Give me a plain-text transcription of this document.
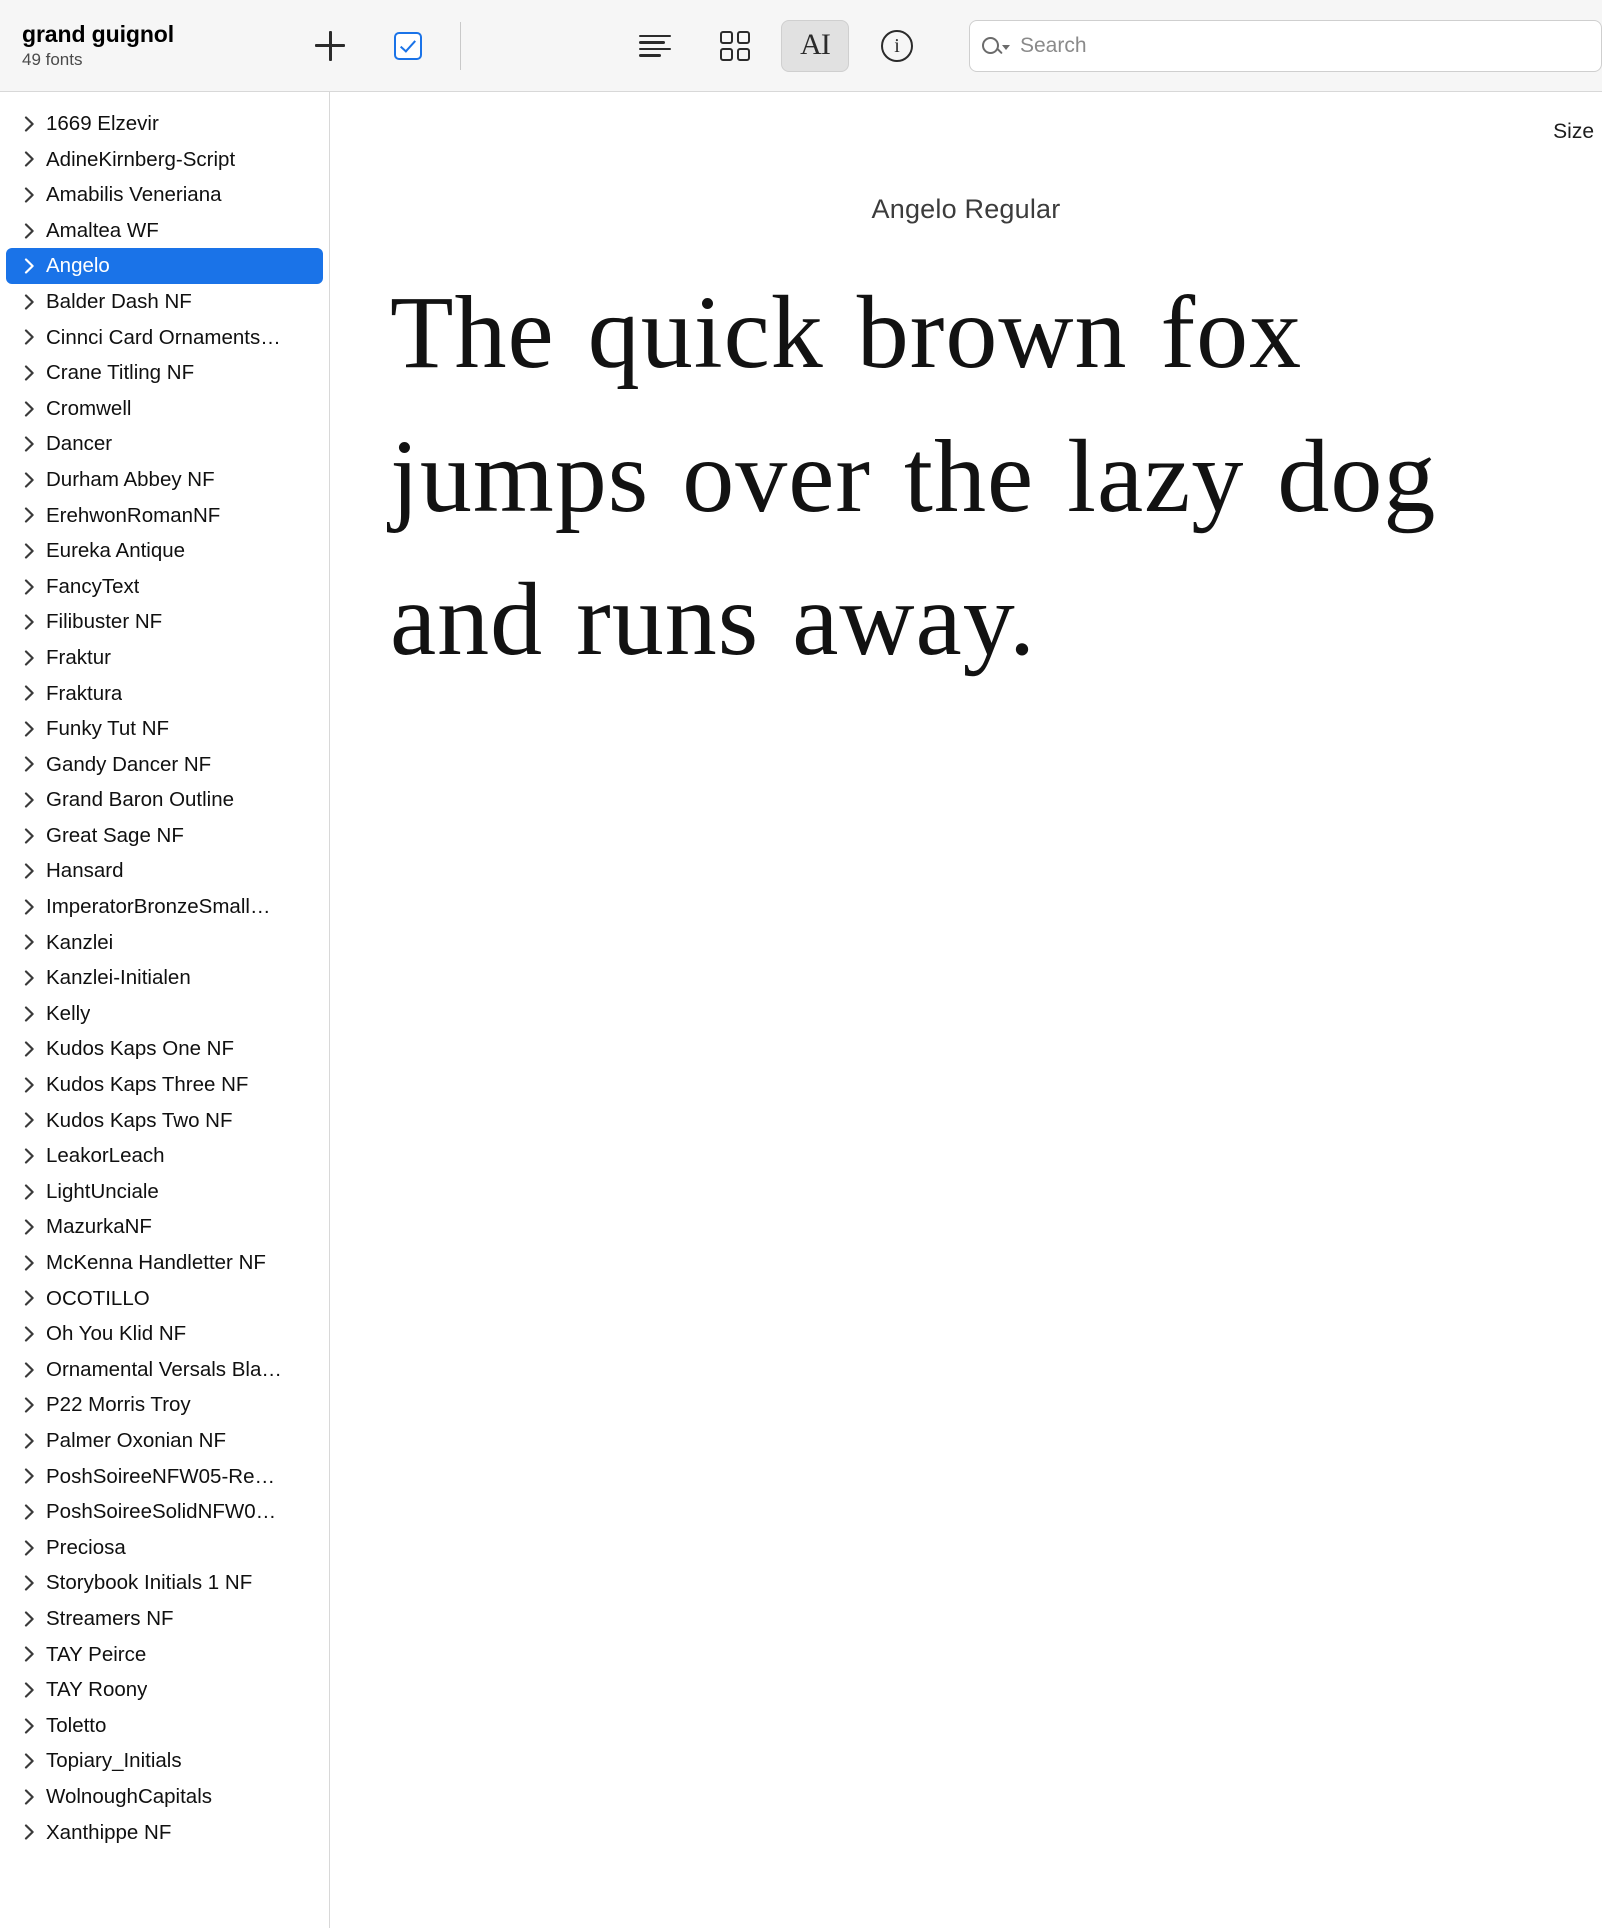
grand guignol
49 fonts	AI	i
Search
1669 Elzevir
AdineKirnberg-Script
Amabilis Veneriana
Amaltea WF
Angelo
Balder Dash NF
Cinnci Card Ornaments…
Crane Titling NF
Cromwell
Dancer
Durham Abbey NF
ErehwonRomanNF
Eureka Antique
FancyText
Filibuster NF
Fraktur
Fraktura
Funky Tut NF
Gandy Dancer NF
Grand Baron Outline
Great Sage NF
Hansard
ImperatorBronzeSmall…
Kanzlei
Kanzlei-Initialen
Kelly
Kudos Kaps One NF
Kudos Kaps Three NF
Kudos Kaps Two NF
LeakorLeach
LightUnciale
MazurkaNF
McKenna Handletter NF
OCOTILLO
Oh You Klid NF
Ornamental Versals Bla…
P22 Morris Troy
Palmer Oxonian NF
PoshSoireeNFW05-Re…
PoshSoireeSolidNFW0…
Preciosa
Storybook Initials 1 NF
Streamers NF
TAY Peirce
TAY Roony
Toletto
Topiary_Initials
WolnoughCapitals
Xanthippe NF
Size
Angelo Regular
The quick brown fox jumps over the lazy dog and runs away.
